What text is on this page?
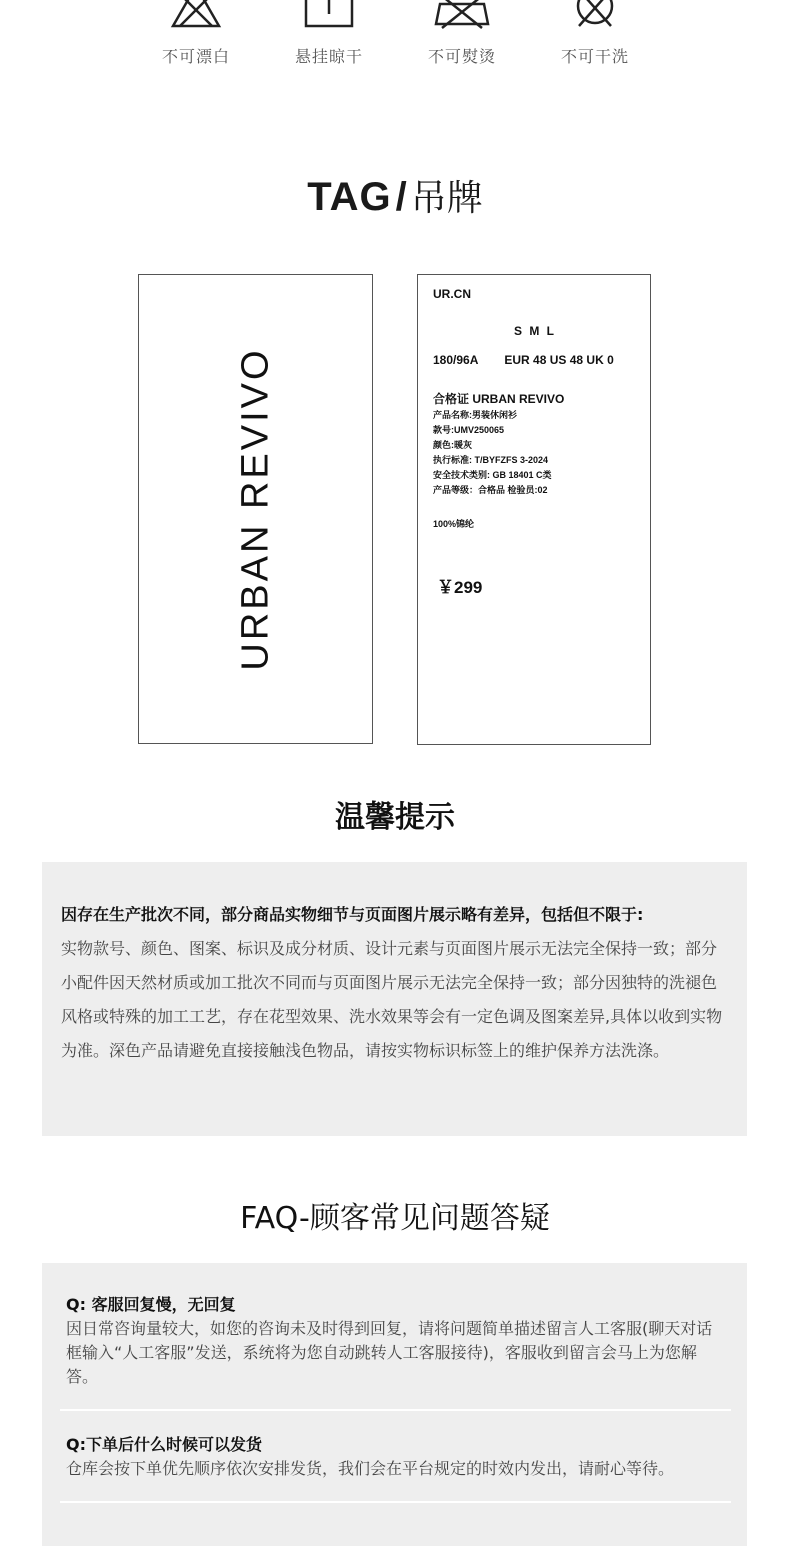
不可漂白	悬挂晾干	不可熨烫	不可干洗
TAG / 吊牌
URBAN REVIVO
UR.CN
S M L
180/96A EUR 48 US 48 UK 0
合格证 URBAN REVIVO
产品名称:男装休闲衫
款号:UMV250065
颜色:暖灰
执行标准: T/BYFZFS 3-2024
安全技术类别: GB 18401 C类
产品等级：合格品 检验员:02
100%锦纶
￥299
温馨提示
因存在生产批次不同，部分商品实物细节与页面图片展示略有差异，包括但不限于:
实物款号、颜色、图案、标识及成分材质、设计元素与页面图片展示无法完全保持一致；部分小配件因天然材质或加工批次不同而与页面图片展示无法完全保持一致；部分因独特的洗褪色风格或特殊的加工工艺，存在花型效果、洗水效果等会有一定色调及图案差异,具体以收到实物为准。深色产品请避免直接接触浅色物品，请按实物标识标签上的维护保养方法洗涤。
FAQ-顾客常见问题答疑
Q: 客服回复慢，无回复
因日常咨询量较大，如您的咨询未及时得到回复，请将问题简单描述留言人工客服(聊天对话框输入“人工客服”发送，系统将为您自动跳转人工客服接待)，客服收到留言会马上为您解答。
Q:下单后什么时候可以发货
仓库会按下单优先顺序依次安排发货，我们会在平台规定的时效内发出，请耐心等待。
